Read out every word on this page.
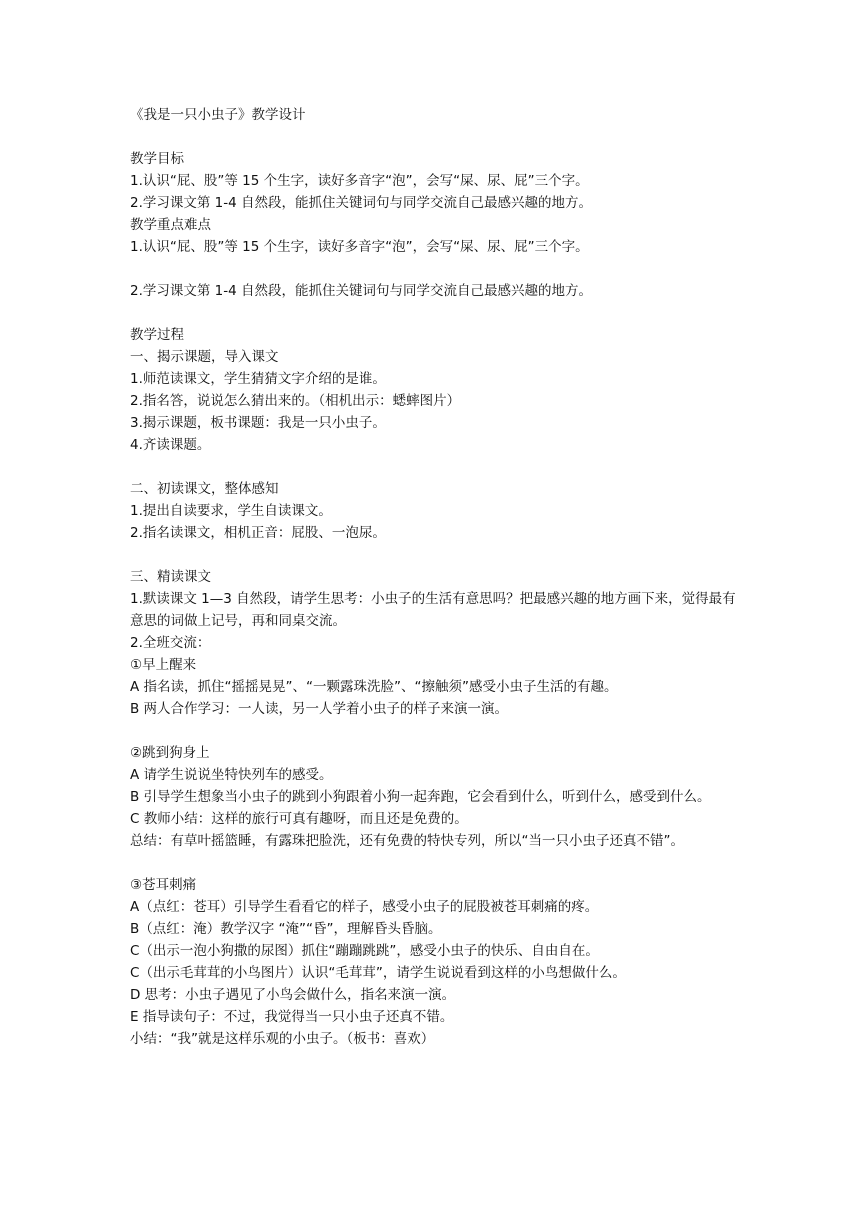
《我是一只小虫子》教学设计
教学目标
1.认识“屁、股”等 15 个生字，读好多音字“泡”，会写“屎、尿、屁”三个字。
2.学习课文第 1-4 自然段，能抓住关键词句与同学交流自己最感兴趣的地方。
教学重点难点
1.认识“屁、股”等 15 个生字，读好多音字“泡”，会写“屎、尿、屁”三个字。
2.学习课文第 1-4 自然段，能抓住关键词句与同学交流自己最感兴趣的地方。
教学过程
一、揭示课题，导入课文
1.师范读课文，学生猜猜文字介绍的是谁。
2.指名答，说说怎么猜出来的。（相机出示：蟋蟀图片）
3.揭示课题，板书课题：我是一只小虫子。
4.齐读课题。
二、初读课文，整体感知
1.提出自读要求，学生自读课文。
2.指名读课文，相机正音：屁股、一泡尿。
三、精读课文
1.默读课文 1—3 自然段，请学生思考：小虫子的生活有意思吗？把最感兴趣的地方画下来，觉得最有意思的词做上记号，再和同桌交流。
2.全班交流：
①早上醒来
A 指名读，抓住“摇摇晃晃”、“一颗露珠洗脸”、“擦触须”感受小虫子生活的有趣。
B 两人合作学习：一人读，另一人学着小虫子的样子来演一演。
②跳到狗身上
A 请学生说说坐特快列车的感受。
B 引导学生想象当小虫子的跳到小狗跟着小狗一起奔跑，它会看到什么，听到什么，感受到什么。
C 教师小结：这样的旅行可真有趣呀，而且还是免费的。
总结：有草叶摇篮睡，有露珠把脸洗，还有免费的特快专列，所以“当一只小虫子还真不错”。
③苍耳刺痛
A（点红：苍耳）引导学生看看它的样子，感受小虫子的屁股被苍耳刺痛的疼。
B（点红：淹）教学汉字 “淹”“昏”，理解昏头昏脑。
C（出示一泡小狗撒的尿图）抓住“蹦蹦跳跳”，感受小虫子的快乐、自由自在。
C（出示毛茸茸的小鸟图片）认识“毛茸茸”，请学生说说看到这样的小鸟想做什么。
D 思考：小虫子遇见了小鸟会做什么，指名来演一演。
E 指导读句子：不过，我觉得当一只小虫子还真不错。
小结：“我”就是这样乐观的小虫子。（板书：喜欢）
